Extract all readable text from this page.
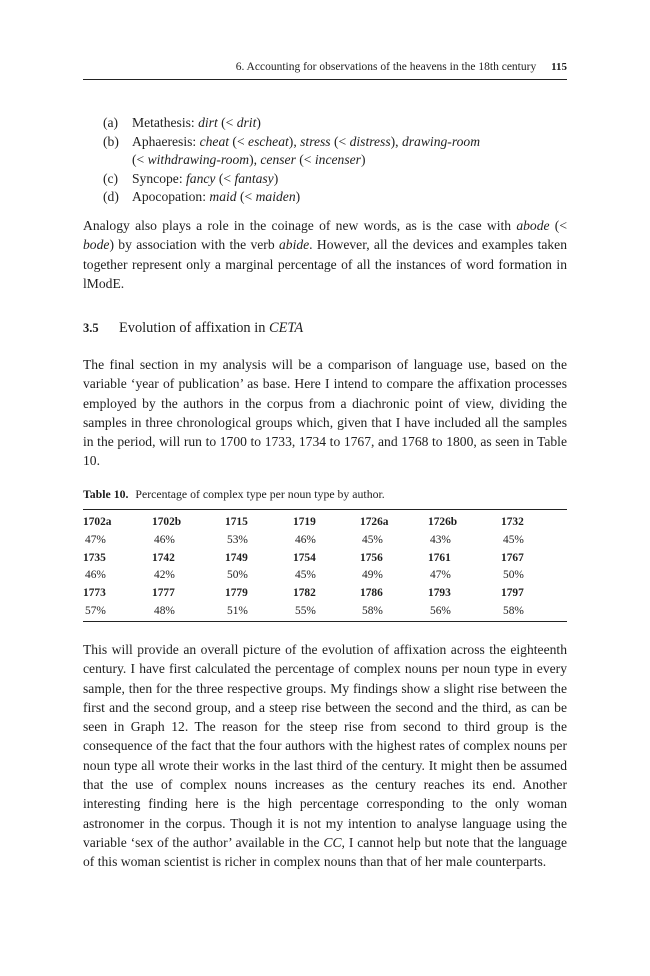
6. Accounting for observations of the heavens in the 18th century 115
(a) Metathesis: dirt (< drit)
(b) Aphaeresis: cheat (< escheat), stress (< distress), drawing-room
(< withdrawing-room), censer (< incenser)
(c) Syncope: fancy (< fantasy)
(d) Apocopation: maid (< maiden)

Analogy also plays a role in the coinage of new words, as is the case with abode (< bode) by association with the verb abide. However, all the devices and examples taken together represent only a marginal percentage of all the instances of word formation in lModE.

3.5 Evolution of affixation in CETA

The final section in my analysis will be a comparison of language use, based on the variable ‘year of publication’ as base. Here I intend to compare the affixation processes employed by the authors in the corpus from a diachronic point of view, dividing the samples in three chronological groups which, given that I have included all the samples in the period, will run to 1700 to 1733, 1734 to 1767, and 1768 to 1800, as seen in Table 10.

Table 10. Percentage of complex type per noun type by author.
1702a	1702b	1715	1719	1726a	1726b	1732
47%	46%	53%	46%	45%	43%	45%
1735	1742	1749	1754	1756	1761	1767
46%	42%	50%	45%	49%	47%	50%
1773	1777	1779	1782	1786	1793	1797
57%	48%	51%	55%	58%	56%	58%

This will provide an overall picture of the evolution of affixation across the eighteenth century. I have first calculated the percentage of complex nouns per noun type in every sample, then for the three respective groups. My findings show a slight rise between the first and the second group, and a steep rise between the second and the third, as can be seen in Graph 12. The reason for the steep rise from second to third group is the consequence of the fact that the four authors with the highest rates of complex nouns per noun type all wrote their works in the last third of the century. It might then be assumed that the use of complex nouns increases as the century reaches its end. Another interesting finding here is the high percentage corresponding to the only woman astronomer in the corpus. Though it is not my intention to analyse language using the variable ‘sex of the author’ available in the CC, I cannot help but note that the language of this woman scientist is richer in complex nouns than that of her male counterparts.
